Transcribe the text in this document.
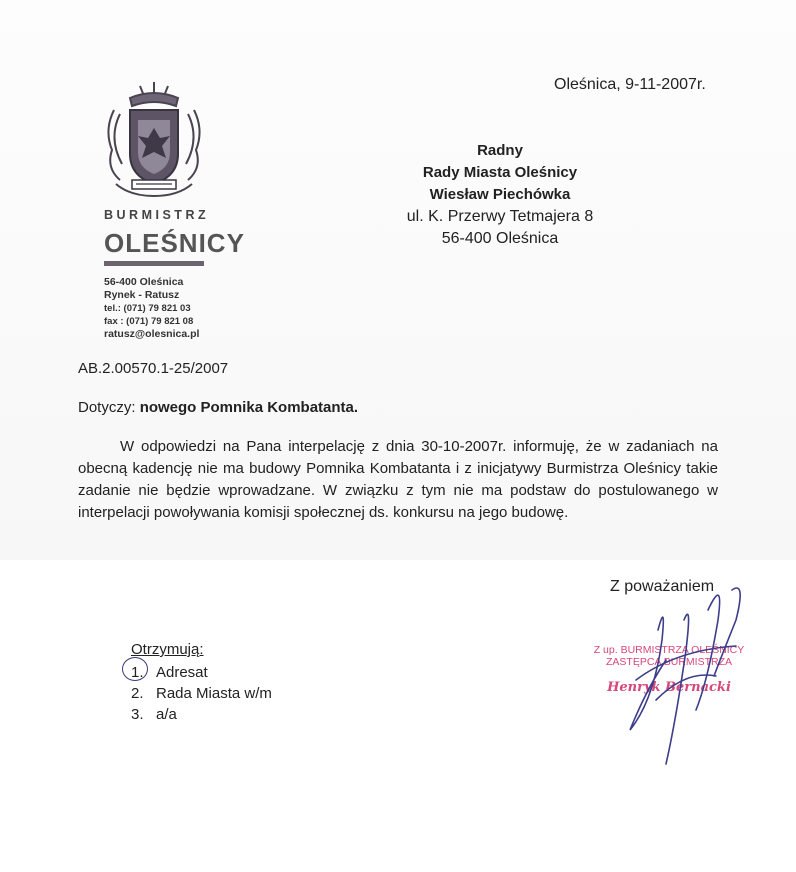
BURMISTRZ
OLEŚNICY
56-400 Oleśnica
Rynek - Ratusz
tel.: (071) 79 821 03
fax : (071) 79 821 08
ratusz@olesnica.pl
Oleśnica, 9-11-2007r.
Radny
Rady Miasta Oleśnicy
Wiesław Piechówka
ul. K. Przerwy Tetmajera 8
56-400 Oleśnica
AB.2.00570.1-25/2007
Dotyczy: nowego Pomnika Kombatanta.
W odpowiedzi na Pana interpelację z dnia 30-10-2007r. informuję, że w zadaniach na obecną kadencję nie ma budowy Pomnika Kombatanta i z inicjatywy Burmistrza Oleśnicy takie zadanie nie będzie wprowadzane. W związku z tym nie ma podstaw do postulowanego w interpelacji powoływania komisji społecznej ds. konkursu na jego budowę.
Z poważaniem
Z up. BURMISTRZA OLEŚNICY
ZASTĘPCA BURMISTRZA
Henryk Bernacki
Otrzymują:
1. Adresat
2. Rada Miasta w/m
3. a/a
